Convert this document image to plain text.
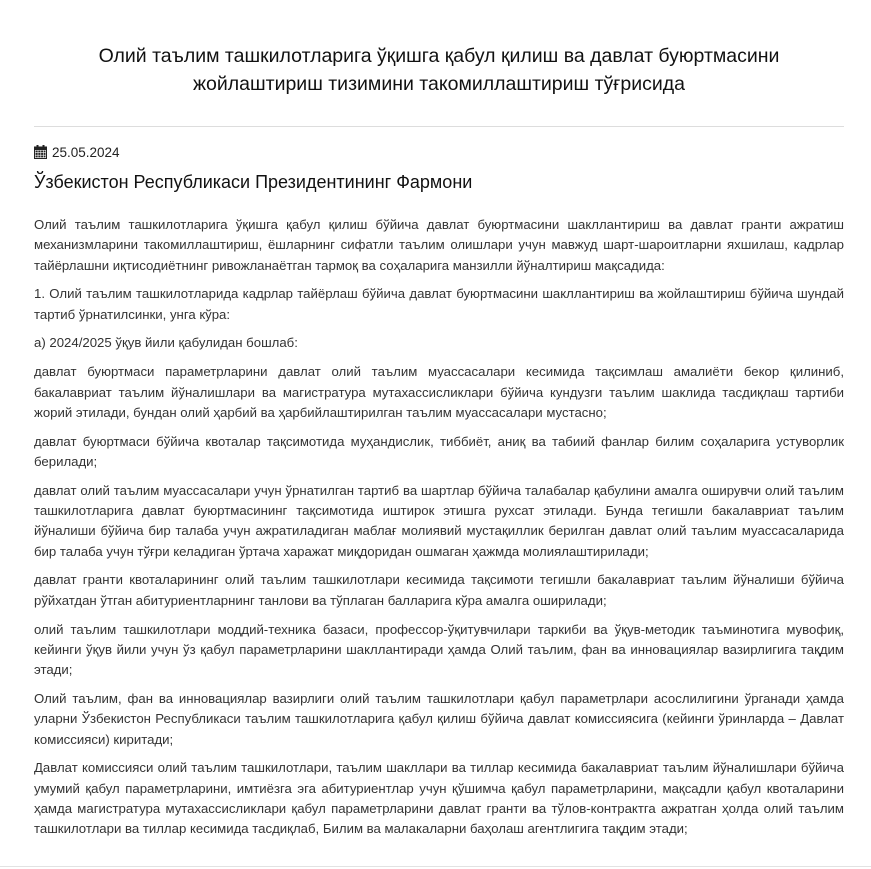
Олий таълим ташкилотларига ўқишга қабул қилиш ва давлат буюртмасини жойлаштириш тизимини такомиллаштириш тўғрисида
25.05.2024
Ўзбекистон Республикаси Президентининг Фармони

Олий таълим ташкилотларига ўқишга қабул қилиш бўйича давлат буюртмасини шакллантириш ва давлат гранти ажратиш механизмларини такомиллаштириш, ёшларнинг сифатли таълим олишлари учун мавжуд шарт-шароитларни яхшилаш, кадрлар тайёрлашни иқтисодиётнинг ривожланаётган тармоқ ва соҳаларига манзилли йўналтириш мақсадида:

1. Олий таълим ташкилотларида кадрлар тайёрлаш бўйича давлат буюртмасини шакллантириш ва жойлаштириш бўйича шундай тартиб ўрнатилсинки, унга кўра:

а) 2024/2025 ўқув йили қабулидан бошлаб:

давлат буюртмаси параметрларини давлат олий таълим муассасалари кесимида тақсимлаш амалиёти бекор қилиниб, бакалавриат таълим йўналишлари ва магистратура мутахассисликлари бўйича кундузги таълим шаклида тасдиқлаш тартиби жорий этилади, бундан олий ҳарбий ва ҳарбийлаштирилган таълим муассасалари мустасно;

давлат буюртмаси бўйича квоталар тақсимотида муҳандислик, тиббиёт, аниқ ва табиий фанлар билим соҳаларига устуворлик берилади;

давлат олий таълим муассасалари учун ўрнатилган тартиб ва шартлар бўйича талабалар қабулини амалга оширувчи олий таълим ташкилотларига давлат буюртмасининг тақсимотида иштирок этишга рухсат этилади. Бунда тегишли бакалавриат таълим йўналиши бўйича бир талаба учун ажратиладиган маблағ молиявий мустақиллик берилган давлат олий таълим муассасаларида бир талаба учун тўғри келадиган ўртача харажат миқдоридан ошмаган ҳажмда молиялаштирилади;

давлат гранти квоталарининг олий таълим ташкилотлари кесимида тақсимоти тегишли бакалавриат таълим йўналиши бўйича рўйхатдан ўтган абитуриентларнинг танлови ва тўплаган балларига кўра амалга оширилади;

олий таълим ташкилотлари моддий-техника базаси, профессор-ўқитувчилари таркиби ва ўқув-методик таъминотига мувофиқ, кейинги ўқув йили учун ўз қабул параметрларини шакллантиради ҳамда Олий таълим, фан ва инновациялар вазирлигига тақдим этади;

Олий таълим, фан ва инновациялар вазирлиги олий таълим ташкилотлари қабул параметрлари асослилигини ўрганади ҳамда уларни Ўзбекистон Республикаси таълим ташкилотларига қабул қилиш бўйича давлат комиссиясига (кейинги ўринларда – Давлат комиссияси) киритади;

Давлат комиссияси олий таълим ташкилотлари, таълим шакллари ва тиллар кесимида бакалавриат таълим йўналишлари бўйича умумий қабул параметрларини, имтиёзга эга абитуриентлар учун қўшимча қабул параметрларини, мақсадли қабул квоталарини ҳамда магистратура мутахассисликлари қабул параметрларини давлат гранти ва тўлов-контрактга ажратган ҳолда олий таълим ташкилотлари ва тиллар кесимида тасдиқлаб, Билим ва малакаларни баҳолаш агентлигига тақдим этади;
